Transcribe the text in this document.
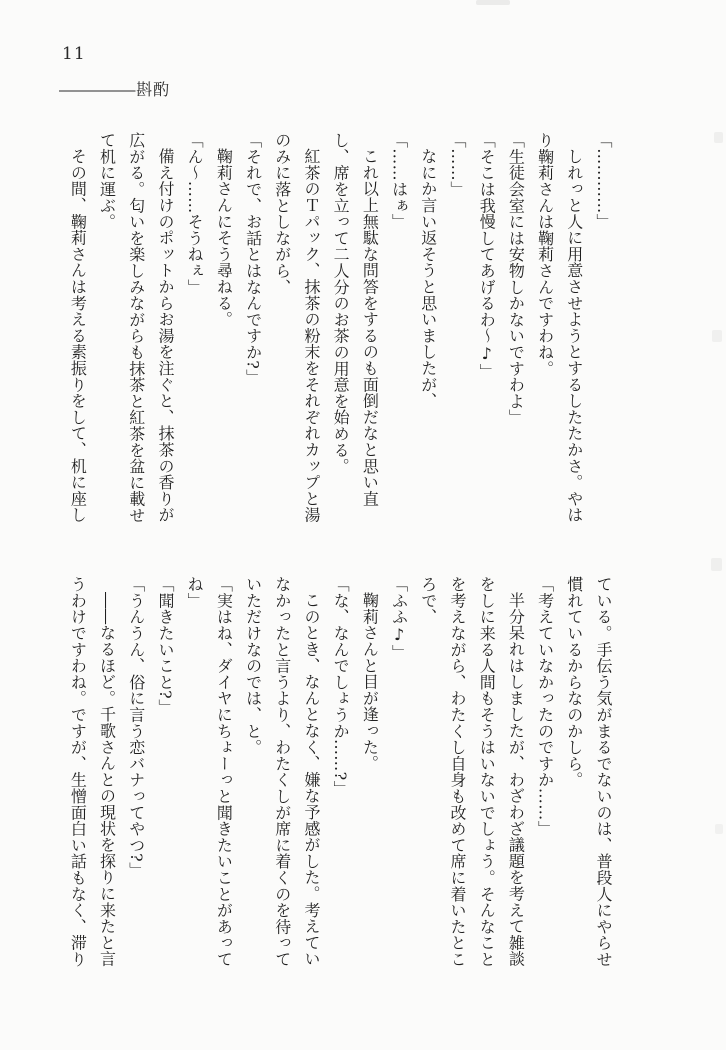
11
―― 斟酌

「…………」

しれっと人に用意させようとするしたたかさ。やは

り鞠莉さんは鞠莉さんですわね。

「生徒会室には安物しかないですわよ」

「そこは我慢してあげるわ〜♪」

「……」

なにか言い返そうと思いましたが、

「……はぁ」

これ以上無駄な問答をするのも面倒だなと思い直

し、席を立って二人分のお茶の用意を始める。

紅茶のＴパック、抹茶の粉末をそれぞれカップと湯

のみに落としながら、

「それで、お話とはなんですか?」

鞠莉さんにそう尋ねる。

「ん〜……そうねぇ」

備え付けのポットからお湯を注ぐと、抹茶の香りが

広がる。匂いを楽しみながらも抹茶と紅茶を盆に載せ

て机に運ぶ。

その間、鞠莉さんは考える素振りをして、机に座し

ている。手伝う気がまるでないのは、普段人にやらせ

慣れているからなのかしら。

「考えていなかったのですか……」

半分呆れはしましたが、わざわざ議題を考えて雑談

をしに来る人間もそうはいないでしょう。そんなこと

を考えながら、わたくし自身も改めて席に着いたとこ

ろで、

「ふふ♪」

鞠莉さんと目が逢った。

「な、なんでしょうか……?」

このとき、なんとなく、嫌な予感がした。考えてい

なかったと言うより、わたくしが席に着くのを待って

いただけなのでは、と。

「実はね、ダイヤにちょーっと聞きたいことがあって

ね」

「聞きたいこと?」

「うんうん、俗に言う恋バナってやつ?」

――なるほど。千歌さんとの現状を探りに来たと言

うわけですわね。ですが、生憎面白い話もなく、滞り
